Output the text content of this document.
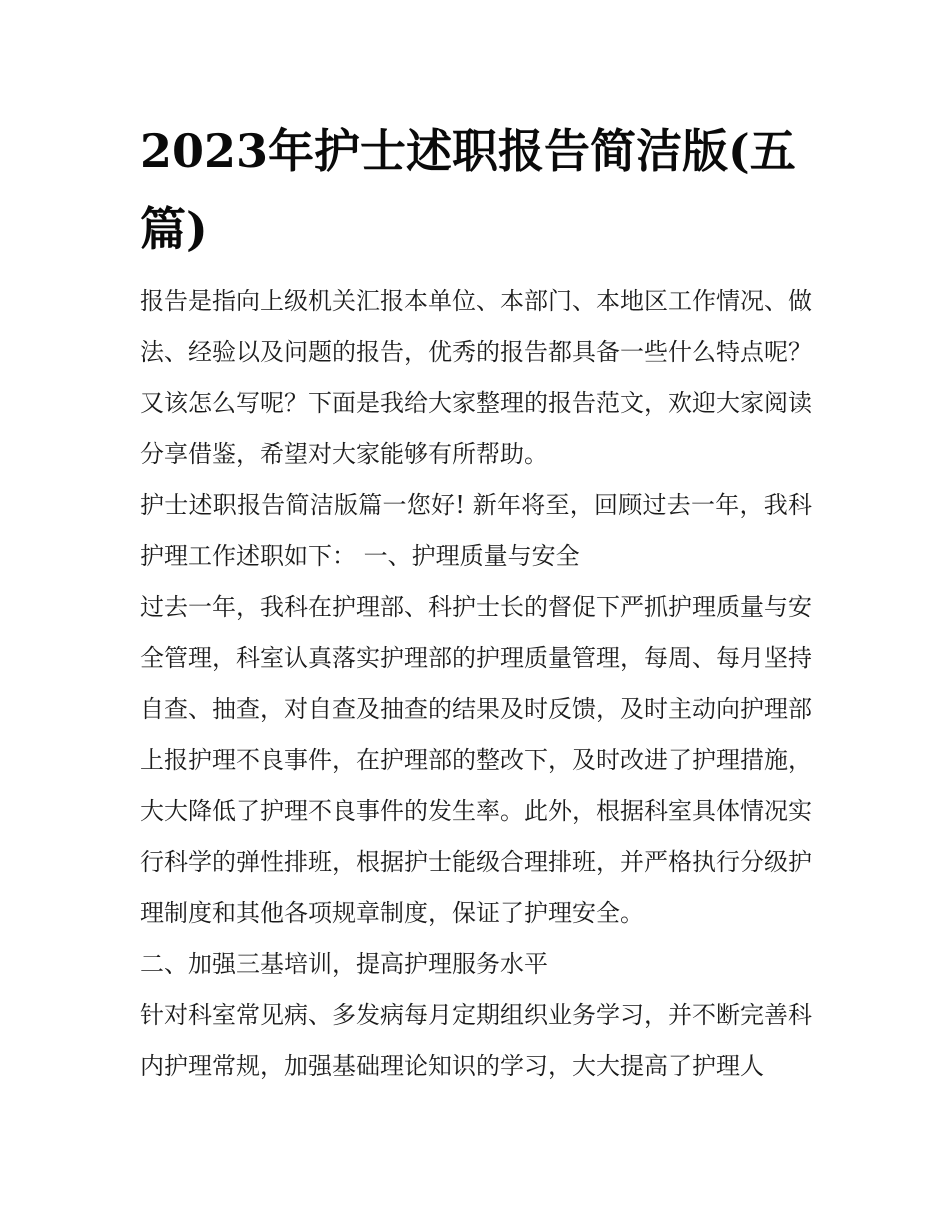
2023年护士述职报告简洁版(五篇)

报告是指向上级机关汇报本单位、本部门、本地区工作情况、做法、经验以及问题的报告，优秀的报告都具备一些什么特点呢？又该怎么写呢？下面是我给大家整理的报告范文，欢迎大家阅读分享借鉴，希望对大家能够有所帮助。

护士述职报告简洁版篇一您好! 新年将至，回顾过去一年，我科护理工作述职如下： 一、护理质量与安全

过去一年，我科在护理部、科护士长的督促下严抓护理质量与安全管理，科室认真落实护理部的护理质量管理，每周、每月坚持自查、抽查，对自查及抽查的结果及时反馈，及时主动向护理部上报护理不良事件，在护理部的整改下，及时改进了护理措施，大大降低了护理不良事件的发生率。此外，根据科室具体情况实行科学的弹性排班，根据护士能级合理排班，并严格执行分级护理制度和其他各项规章制度，保证了护理安全。

二、加强三基培训，提高护理服务水平

针对科室常见病、多发病每月定期组织业务学习，并不断完善科内护理常规，加强基础理论知识的学习，大大提高了护理人
